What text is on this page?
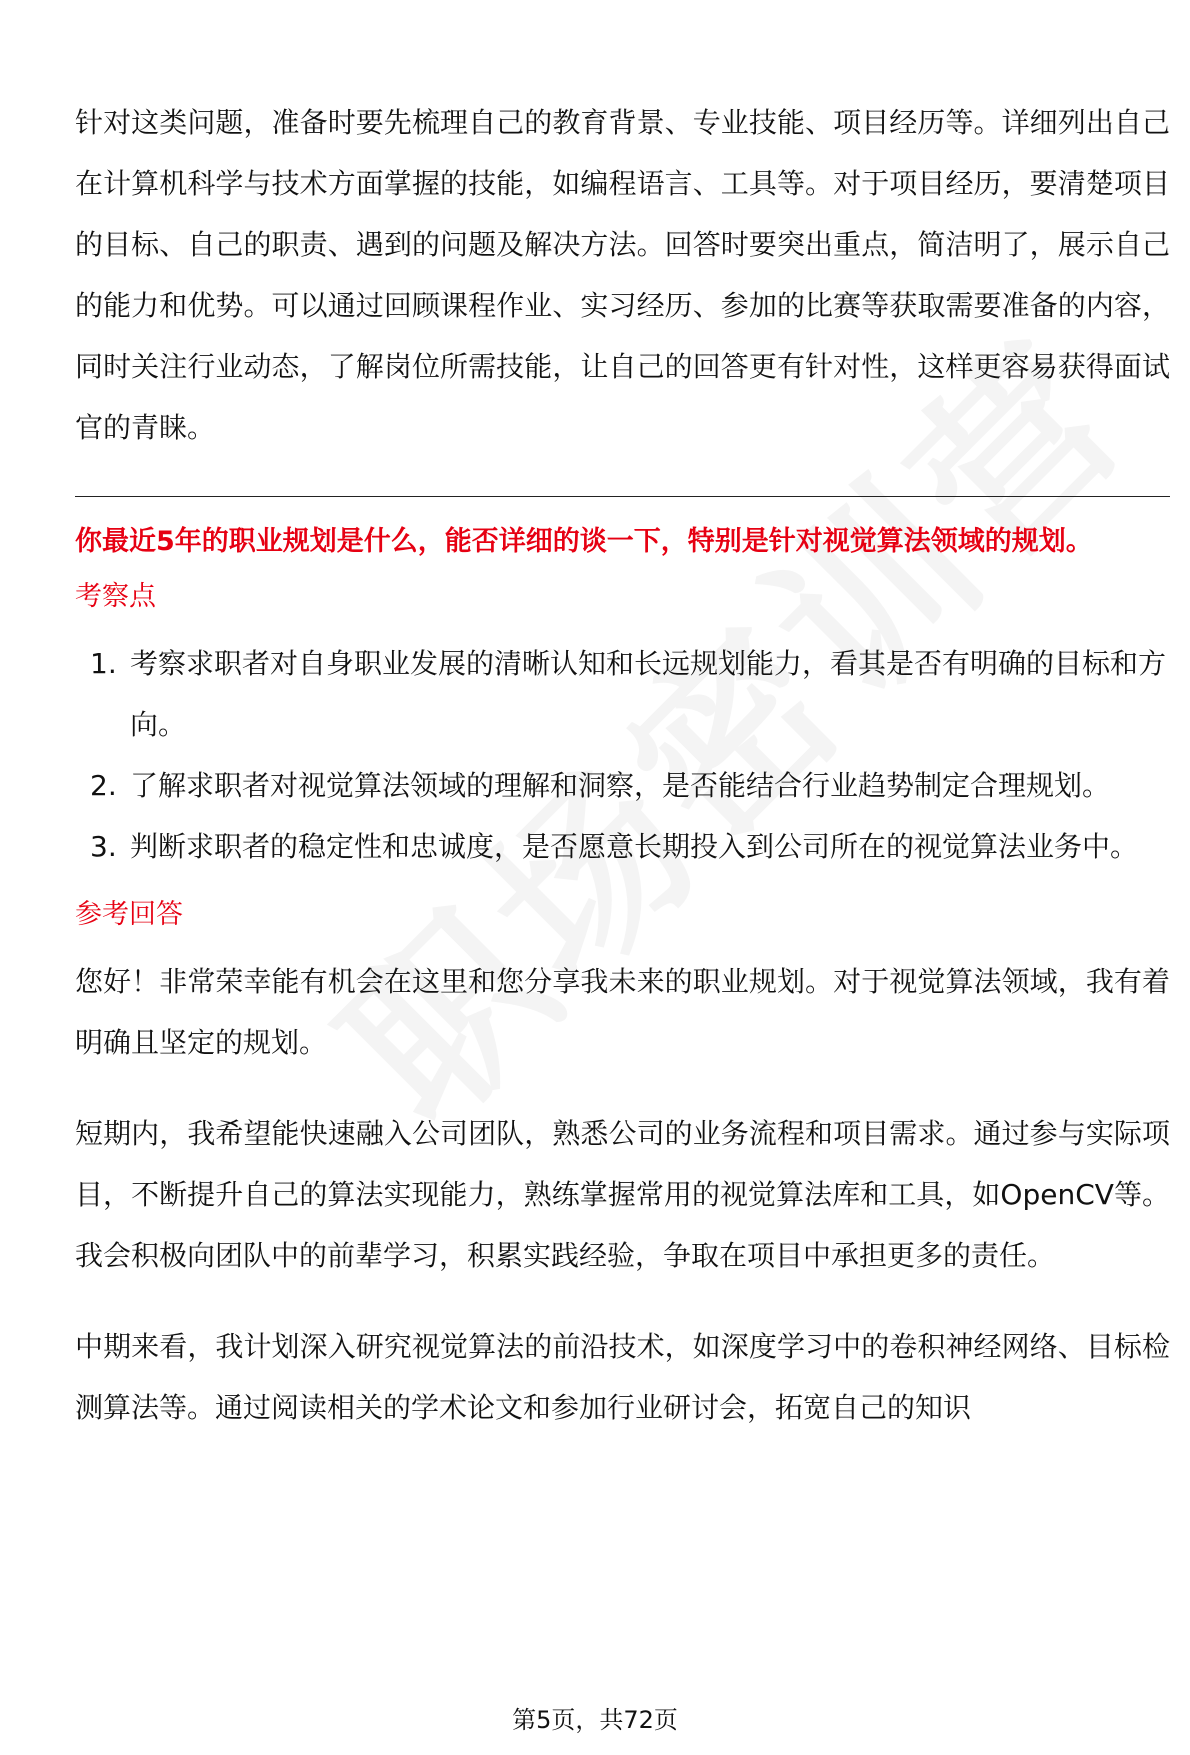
针对这类问题，准备时要先梳理自己的教育背景、专业技能、项目经历等。详细列出自己在计算机科学与技术方面掌握的技能，如编程语言、工具等。对于项目经历，要清楚项目的目标、自己的职责、遇到的问题及解决方法。回答时要突出重点，简洁明了，展示自己的能力和优势。可以通过回顾课程作业、实习经历、参加的比赛等获取需要准备的内容，同时关注行业动态，了解岗位所需技能，让自己的回答更有针对性，这样更容易获得面试官的青睐。

你最近5年的职业规划是什么，能否详细的谈一下，特别是针对视觉算法领域的规划。

考察点

1. 考察求职者对自身职业发展的清晰认知和长远规划能力，看其是否有明确的目标和方向。
2. 了解求职者对视觉算法领域的理解和洞察，是否能结合行业趋势制定合理规划。
3. 判断求职者的稳定性和忠诚度，是否愿意长期投入到公司所在的视觉算法业务中。

参考回答

您好！非常荣幸能有机会在这里和您分享我未来的职业规划。对于视觉算法领域，我有着明确且坚定的规划。

短期内，我希望能快速融入公司团队，熟悉公司的业务流程和项目需求。通过参与实际项目，不断提升自己的算法实现能力，熟练掌握常用的视觉算法库和工具，如OpenCV等。我会积极向团队中的前辈学习，积累实践经验，争取在项目中承担更多的责任。

中期来看，我计划深入研究视觉算法的前沿技术，如深度学习中的卷积神经网络、目标检测算法等。通过阅读相关的学术论文和参加行业研讨会，拓宽自己的知识

第5页，共72页
